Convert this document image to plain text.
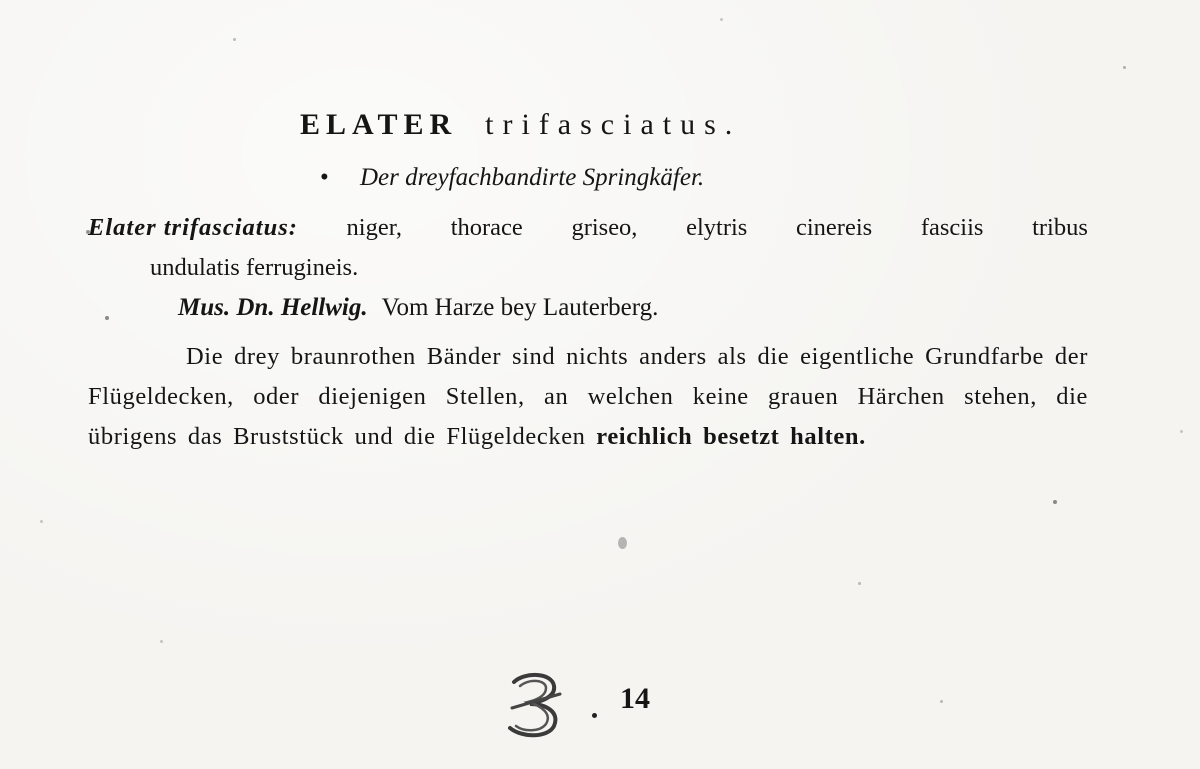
ELATER trifasciatus.
• Der dreyfachbandirte Springkäfer.
Elater trifasciatus: niger, thorace griseo, elytris cinereis fasciis tribus
undulatis ferrugineis.
Mus. Dn. Hellwig. Vom Harze bey Lauterberg.
Die drey braunrothen Bänder sind nichts anders als die eigentliche Grundfarbe der Flügeldecken, oder diejenigen Stellen, an welchen keine grauen Härchen stehen, die übrigens das Bruststück und die Flügeldecken reichlich besetzt halten.
14
